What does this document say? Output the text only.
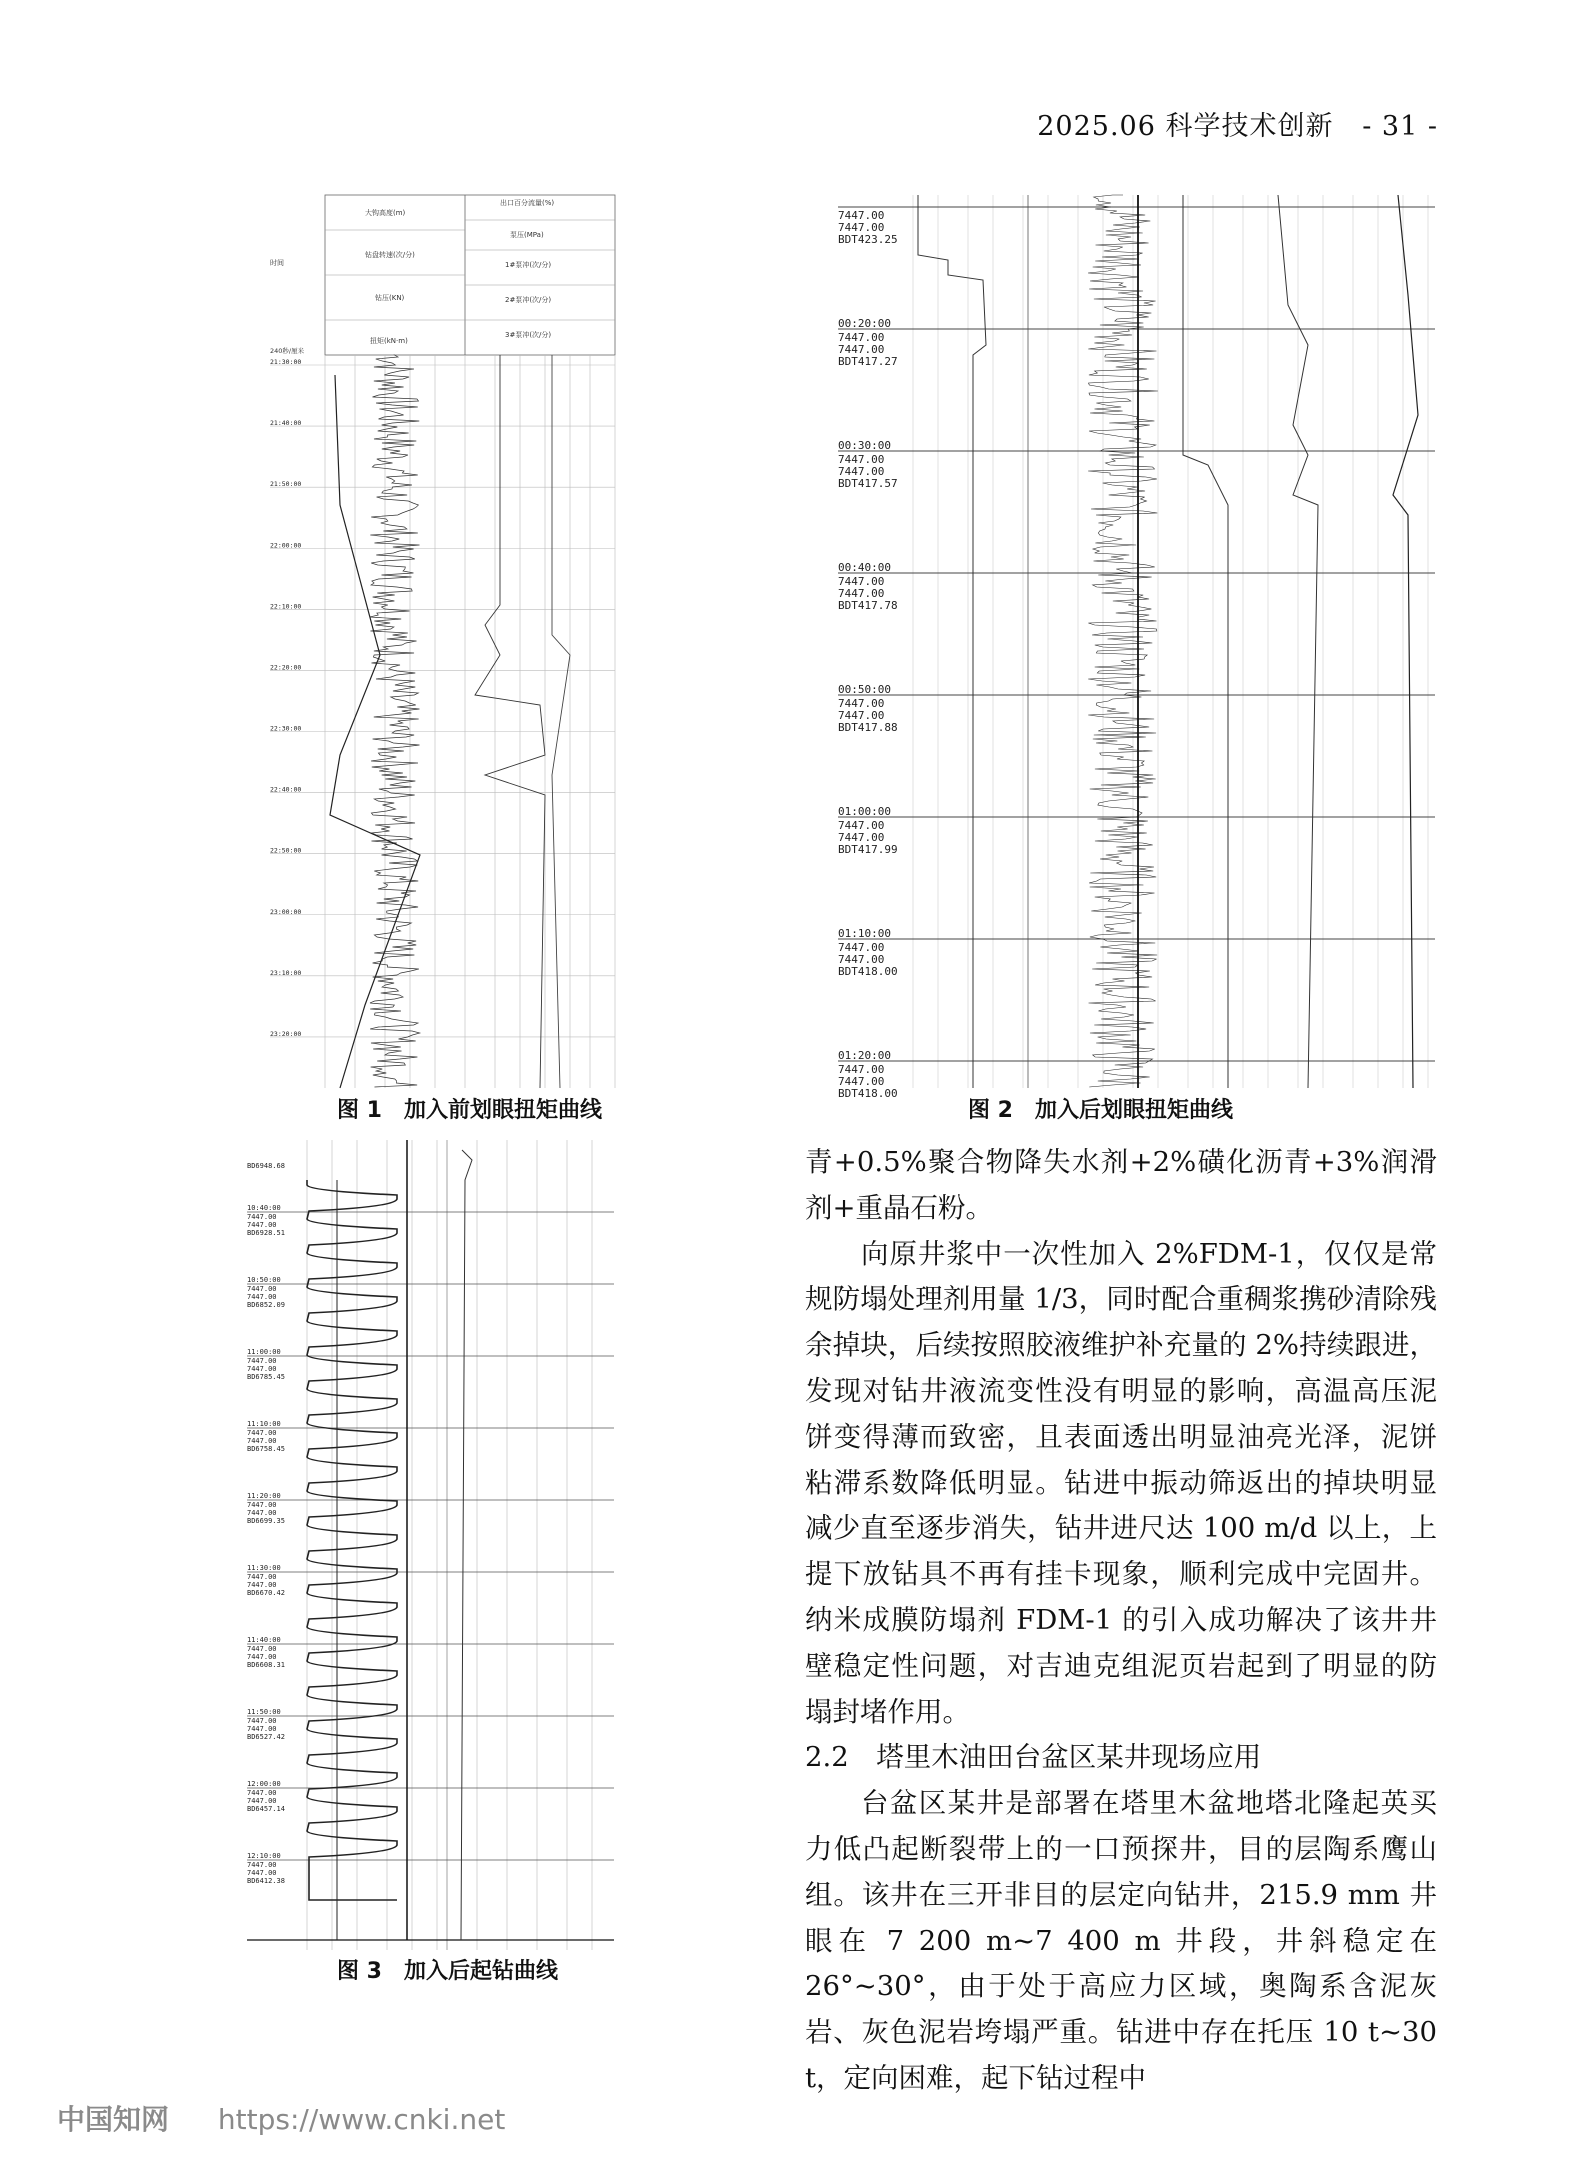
2025.06 科学技术创新 - 31 -
时间
240秒/厘米
大钩高度(m)
钻盘转速(次/分)
钻压(KN)
扭矩(kN·m)
出口百分流量(%)
泵压(MPa)
1#泵冲(次/分)
2#泵冲(次/分)
3#泵冲(次/分)
21:30:00
21:40:00
21:50:00
22:00:00
22:10:00
22:20:00
22:30:00
22:40:00
22:50:00
23:00:00
23:10:00
23:20:00
图 1　加入前划眼扭矩曲线
7447.00
7447.00
BDT423.25
00:20:00
7447.00
7447.00
BDT417.27
00:30:00
7447.00
7447.00
BDT417.57
00:40:00
7447.00
7447.00
BDT417.78
00:50:00
7447.00
7447.00
BDT417.88
01:00:00
7447.00
7447.00
BDT417.99
01:10:00
7447.00
7447.00
BDT418.00
01:20:00
7447.00
7447.00
BDT418.00
图 2　加入后划眼扭矩曲线
BD6948.68
10:40:00
7447.00
7447.00
BD6928.51
10:50:00
7447.00
7447.00
BD6852.09
11:00:00
7447.00
7447.00
BD6785.45
11:10:00
7447.00
7447.00
BD6758.45
11:20:00
7447.00
7447.00
BD6699.35
11:30:00
7447.00
7447.00
BD6670.42
11:40:00
7447.00
7447.00
BD6608.31
11:50:00
7447.00
7447.00
BD6527.42
12:00:00
7447.00
7447.00
BD6457.14
12:10:00
7447.00
7447.00
BD6412.38
图 3　加入后起钻曲线

青+0.5%聚合物降失水剂+2%磺化沥青+3%润滑剂+重晶石粉。

向原井浆中一次性加入 2%FDM-1，仅仅是常规防塌处理剂用量 1/3，同时配合重稠浆携砂清除残余掉块，后续按照胶液维护补充量的 2%持续跟进，发现对钻井液流变性没有明显的影响，高温高压泥饼变得薄而致密，且表面透出明显油亮光泽，泥饼粘滞系数降低明显。钻进中振动筛返出的掉块明显减少直至逐步消失，钻井进尺达 100 m/d 以上，上提下放钻具不再有挂卡现象，顺利完成中完固井。纳米成膜防塌剂 FDM-1 的引入成功解决了该井井壁稳定性问题，对吉迪克组泥页岩起到了明显的防塌封堵作用。

2.2　塔里木油田台盆区某井现场应用

台盆区某井是部署在塔里木盆地塔北隆起英买力低凸起断裂带上的一口预探井，目的层陶系鹰山组。该井在三开非目的层定向钻井，215.9 mm 井眼在 7 200 m~7 400 m 井段，井斜稳定在 26°~30°，由于处于高应力区域，奥陶系含泥灰岩、灰色泥岩垮塌严重。钻进中存在托压 10 t~30 t，定向困难，起下钻过程中

中国知网 https://www.cnki.net
